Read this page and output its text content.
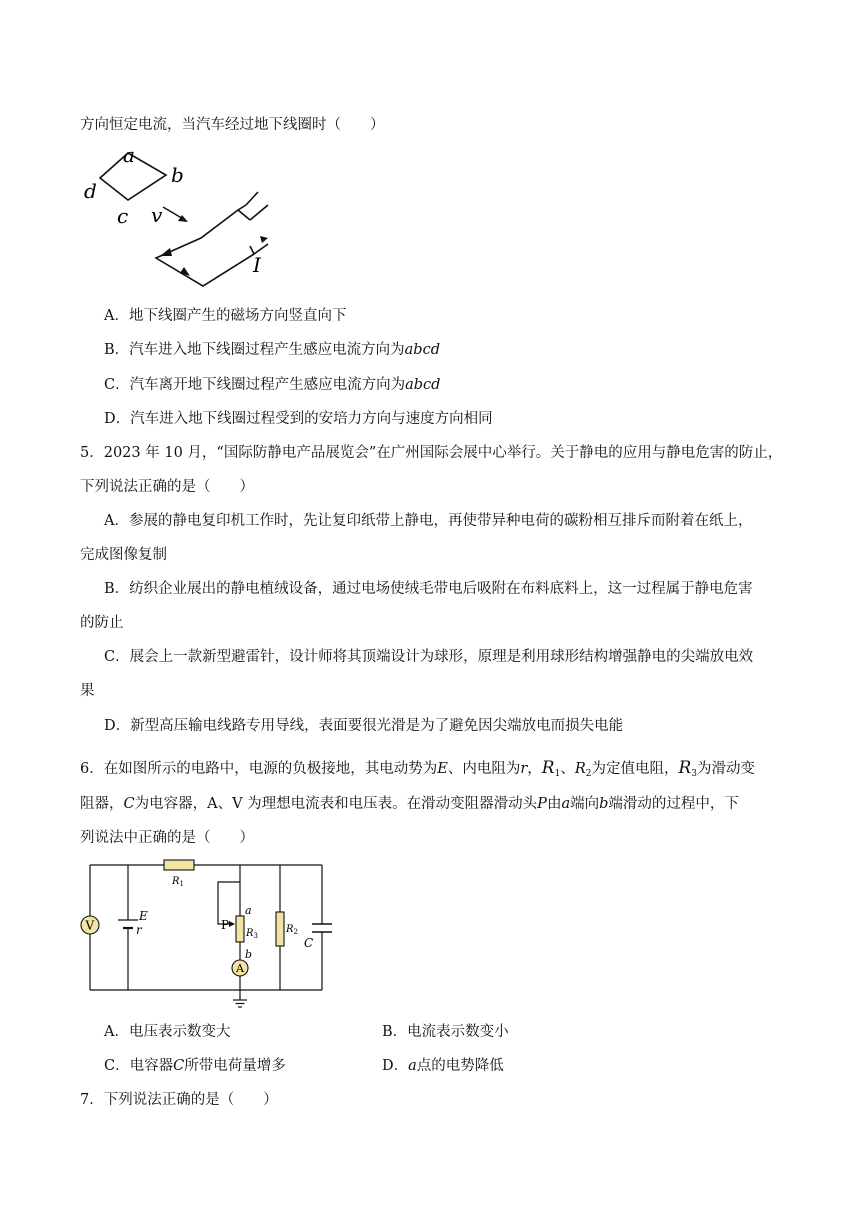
方向恒定电流，当汽车经过地下线圈时（　　）
a
b
c
d
v
I
A．地下线圈产生的磁场方向竖直向下
B．汽车进入地下线圈过程产生感应电流方向为abcd
C．汽车离开地下线圈过程产生感应电流方向为abcd
D．汽车进入地下线圈过程受到的安培力方向与速度方向相同
5．2023 年 10 月，“国际防静电产品展览会”在广州国际会展中心举行。关于静电的应用与静电危害的防止，
下列说法正确的是（　　）
A．参展的静电复印机工作时，先让复印纸带上静电，再使带异种电荷的碳粉相互排斥而附着在纸上，
完成图像复制
B．纺织企业展出的静电植绒设备，通过电场使绒毛带电后吸附在布料底料上，这一过程属于静电危害
的防止
C．展会上一款新型避雷针，设计师将其顶端设计为球形，原理是利用球形结构增强静电的尖端放电效
果
D．新型高压输电线路专用导线，表面要很光滑是为了避免因尖端放电而损失电能
6．在如图所示的电路中，电源的负极接地，其电动势为E、内电阻为r，$R_1$、$R_2$为定值电阻，$R_3$为滑动变
阻器，C为电容器，A、V 为理想电流表和电压表。在滑动变阻器滑动头P由a端向b端滑动的过程中，下
列说法中正确的是（　　）
V
A
$R_1$
E
r	P
a
b
$R_3$
$R_2$
C
A．电压表示数变大	B．电流表示数变小
C．电容器C所带电荷量增多	D．a点的电势降低
7．下列说法正确的是（　　）
